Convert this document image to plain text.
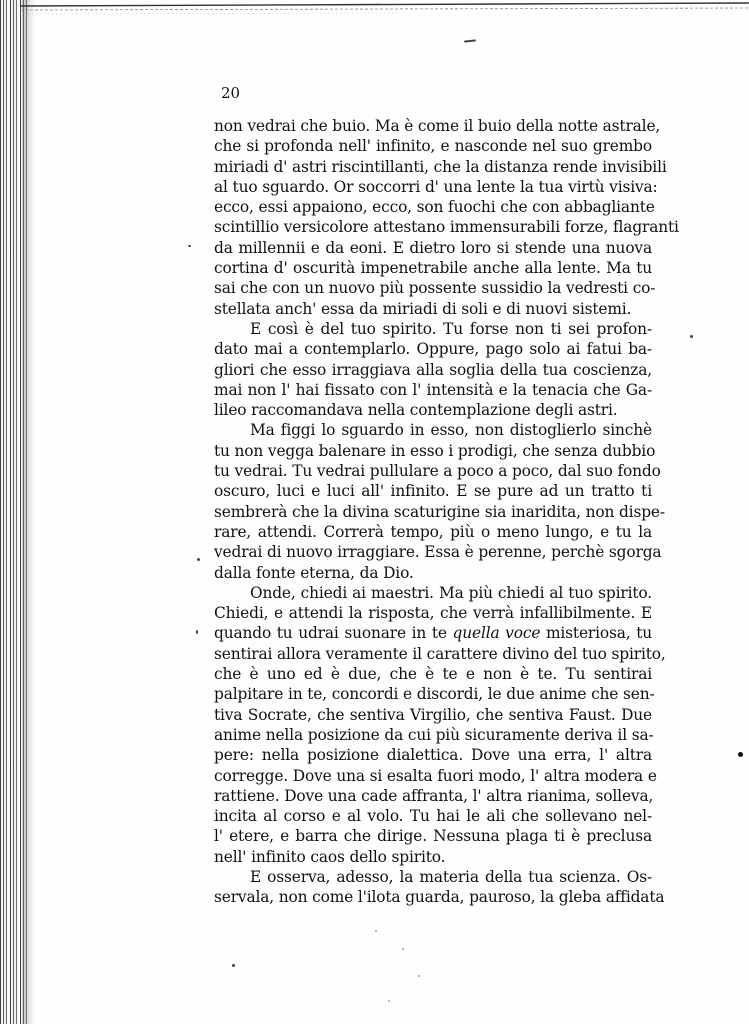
20
non vedrai che buio. Ma è come il buio della notte astrale,
che si profonda nell' infinito, e nasconde nel suo grembo
miriadi d' astri riscintillanti, che la distanza rende invisibili
al tuo sguardo. Or soccorri d' una lente la tua virtù visiva:
ecco, essi appaiono, ecco, son fuochi che con abbagliante
scintillio versicolore attestano immensurabili forze, flagranti
da millennii e da eoni. E dietro loro si stende una nuova
cortina d' oscurità impenetrabile anche alla lente. Ma tu
sai che con un nuovo più possente sussidio la vedresti co-
stellata anch' essa da miriadi di soli e di nuovi sistemi.
E così è del tuo spirito. Tu forse non ti sei profon-
dato mai a contemplarlo. Oppure, pago solo ai fatui ba-
gliori che esso irraggiava alla soglia della tua coscienza,
mai non l' hai fissato con l' intensità e la tenacia che Ga-
lileo raccomandava nella contemplazione degli astri.
Ma figgi lo sguardo in esso, non distoglierlo sinchè
tu non vegga balenare in esso i prodigi, che senza dubbio
tu vedrai. Tu vedrai pullulare a poco a poco, dal suo fondo
oscuro, luci e luci all' infinito. E se pure ad un tratto ti
sembrerà che la divina scaturigine sia inaridita, non dispe-
rare, attendi. Correrà tempo, più o meno lungo, e tu la
vedrai di nuovo irraggiare. Essa è perenne, perchè sgorga
dalla fonte eterna, da Dio.
Onde, chiedi ai maestri. Ma più chiedi al tuo spirito.
Chiedi, e attendi la risposta, che verrà infallibilmente. E
quando tu udrai suonare in te quella voce misteriosa, tu
sentirai allora veramente il carattere divino del tuo spirito,
che è uno ed è due, che è te e non è te. Tu sentirai
palpitare in te, concordi e discordi, le due anime che sen-
tiva Socrate, che sentiva Virgilio, che sentiva Faust. Due
anime nella posizione da cui più sicuramente deriva il sa-
pere: nella posizione dialettica. Dove una erra, l' altra
corregge. Dove una si esalta fuori modo, l' altra modera e
rattiene. Dove una cade affranta, l' altra rianima, solleva,
incita al corso e al volo. Tu hai le ali che sollevano nel-
l' etere, e barra che dirige. Nessuna plaga ti è preclusa
nell' infinito caos dello spirito.
E osserva, adesso, la materia della tua scienza. Os-
servala, non come l'ilota guarda, pauroso, la gleba affidata
